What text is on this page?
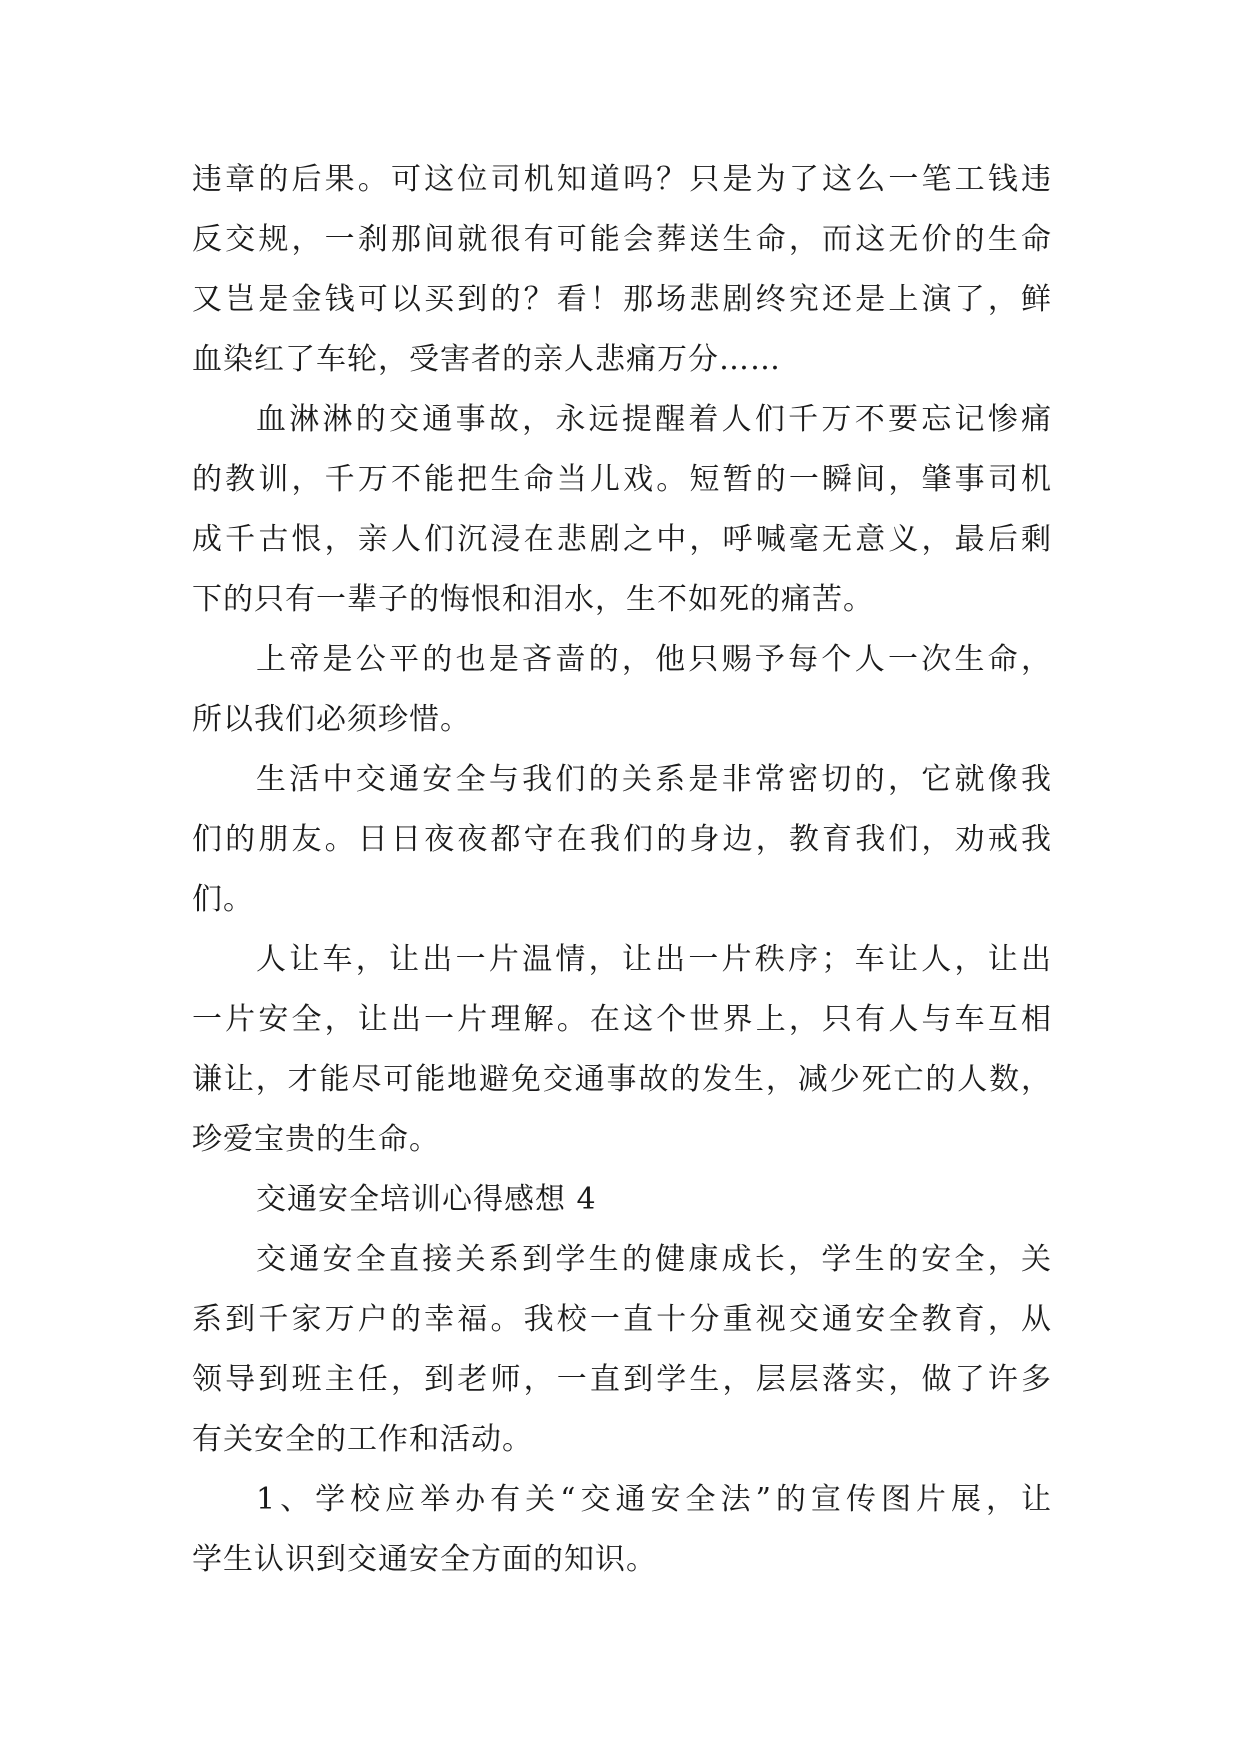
违章的后果。可这位司机知道吗？只是为了这么一笔工钱违
反交规，一刹那间就很有可能会葬送生命，而这无价的生命
又岂是金钱可以买到的？看！那场悲剧终究还是上演了，鲜
血染红了车轮，受害者的亲人悲痛万分……
血淋淋的交通事故，永远提醒着人们千万不要忘记惨痛
的教训，千万不能把生命当儿戏。短暂的一瞬间，肇事司机
成千古恨，亲人们沉浸在悲剧之中，呼喊毫无意义，最后剩
下的只有一辈子的悔恨和泪水，生不如死的痛苦。
上帝是公平的也是吝啬的，他只赐予每个人一次生命，
所以我们必须珍惜。
生活中交通安全与我们的关系是非常密切的，它就像我
们的朋友。日日夜夜都守在我们的身边，教育我们，劝戒我
们。
人让车，让出一片温情，让出一片秩序；车让人，让出
一片安全，让出一片理解。在这个世界上，只有人与车互相
谦让，才能尽可能地避免交通事故的发生，减少死亡的人数，
珍爱宝贵的生命。
交通安全培训心得感想 4
交通安全直接关系到学生的健康成长，学生的安全，关
系到千家万户的幸福。我校一直十分重视交通安全教育，从
领导到班主任，到老师，一直到学生，层层落实，做了许多
有关安全的工作和活动。
1、学校应举办有关“交通安全法”的宣传图片展，让
学生认识到交通安全方面的知识。
